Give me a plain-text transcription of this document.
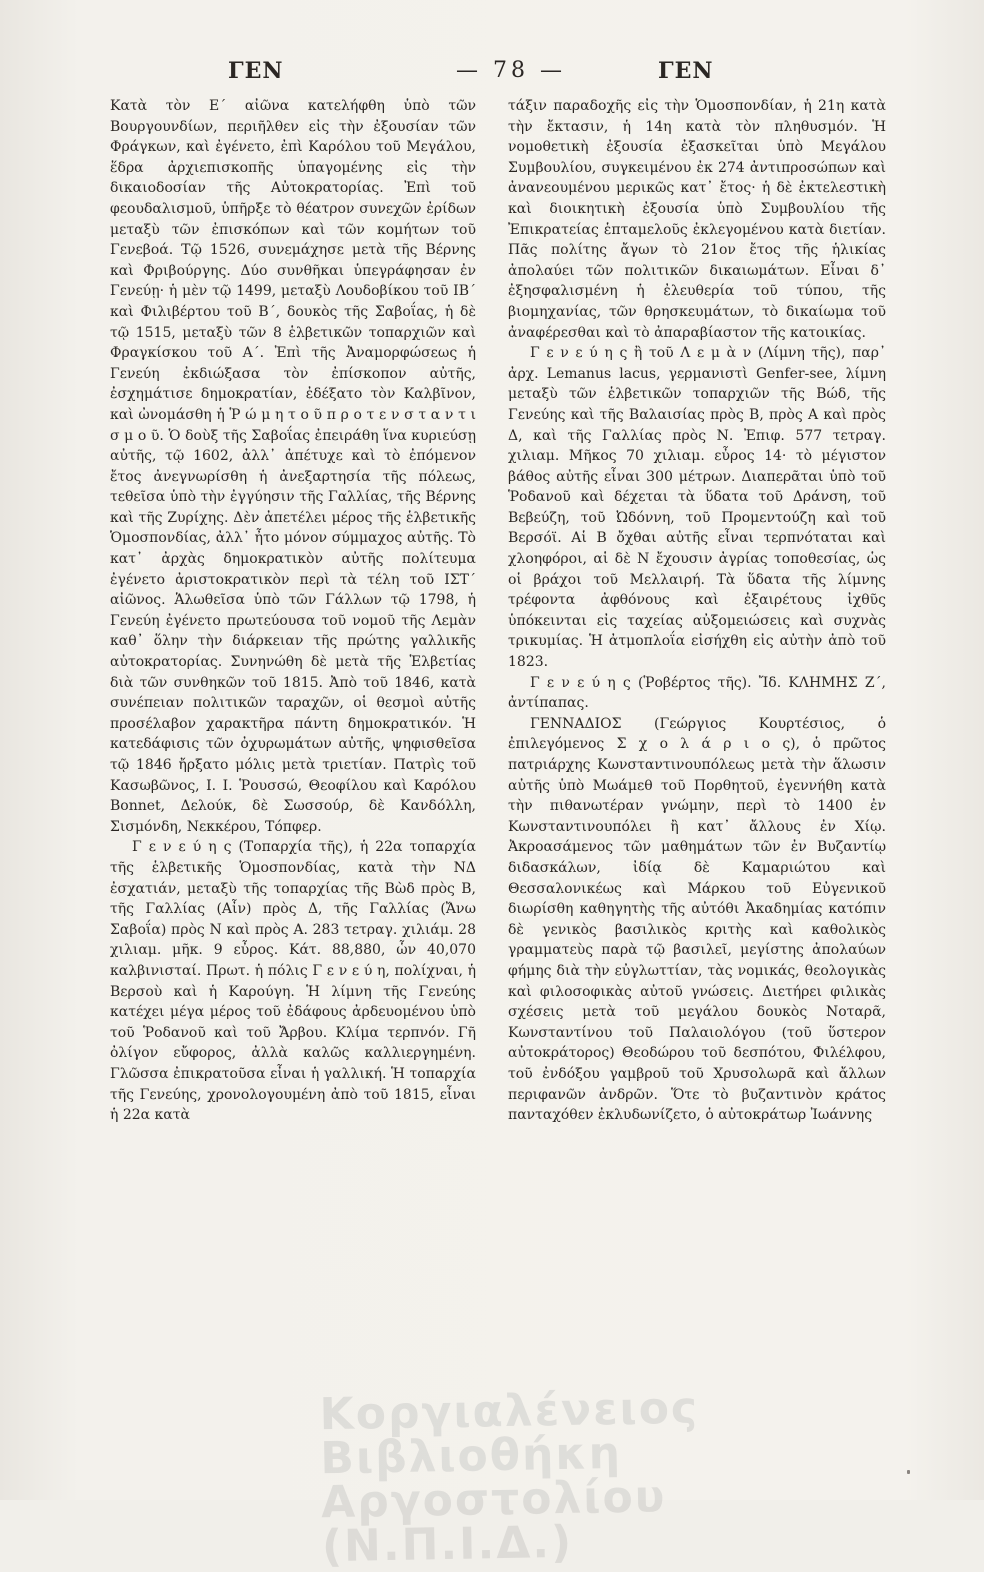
ΓΕΝ	— 78 —	ΓΕΝ

Κατὰ τὸν Ε΄ αἰῶνα κατελήφθη ὑπὸ τῶν Βουργουνδίων, περιῆλθεν εἰς τὴν ἐξουσίαν τῶν Φράγκων, καὶ ἐγένετο, ἐπὶ Καρόλου τοῦ Μεγάλου, ἕδρα ἀρχιεπισκοπῆς ὑπαγομένης εἰς τὴν δικαιοδοσίαν τῆς Αὐτοκρατορίας. Ἐπὶ τοῦ φεουδαλισμοῦ, ὑπῆρξε τὸ θέατρον συνεχῶν ἐρίδων μεταξὺ τῶν ἐπισκόπων καὶ τῶν κομήτων τοῦ Γενεβοά. Τῷ 1526, συνεμάχησε μετὰ τῆς Βέρνης καὶ Φριβούργης. Δύο συνθῆκαι ὑπεγράφησαν ἐν Γενεύῃ· ἡ μὲν τῷ 1499, μεταξὺ Λουδοβίκου τοῦ ΙΒ΄ καὶ Φιλιβέρτου τοῦ Β΄, δουκὸς τῆς Σαβοΐας, ἡ δὲ τῷ 1515, μεταξὺ τῶν 8 ἑλβετικῶν τοπαρχιῶν καὶ Φραγκίσκου τοῦ Α΄. Ἐπὶ τῆς Ἀναμορφώσεως ἡ Γενεύη ἐκδιώξασα τὸν ἐπίσκοπον αὐτῆς, ἐσχημάτισε δημοκρατίαν, ἐδέξατο τὸν Καλβῖνον, καὶ ὠνομάσθη ἡ Ῥ ώ μ η τ ο ῦ π ρ ο τ ε ν σ τ α ν τ ι σ μ ο ῦ. Ὁ δοὺξ τῆς Σαβοΐας ἐπειράθη ἵνα κυριεύσῃ αὐτῆς, τῷ 1602, ἀλλ᾽ ἀπέτυχε καὶ τὸ ἐπόμενον ἔτος ἀνεγνωρίσθη ἡ ἀνεξαρτησία τῆς πόλεως, τεθεῖσα ὑπὸ τὴν ἐγγύησιν τῆς Γαλλίας, τῆς Βέρνης καὶ τῆς Ζυρίχης. Δὲν ἀπετέλει μέρος τῆς ἑλβετικῆς Ὁμοσπονδίας, ἀλλ᾽ ἦτο μόνον σύμμαχος αὐτῆς. Τὸ κατ᾽ ἀρχὰς δημοκρατικὸν αὐτῆς πολίτευμα ἐγένετο ἀριστοκρατικὸν περὶ τὰ τέλη τοῦ ΙΣΤ΄ αἰῶνος. Ἁλωθεῖσα ὑπὸ τῶν Γάλλων τῷ 1798, ἡ Γενεύη ἐγένετο πρωτεύουσα τοῦ νομοῦ τῆς Λεμὰν καθ᾽ ὅλην τὴν διάρκειαν τῆς πρώτης γαλλικῆς αὐτοκρατορίας. Συνηνώθη δὲ μετὰ τῆς Ἑλβετίας διὰ τῶν συνθηκῶν τοῦ 1815. Ἀπὸ τοῦ 1846, κατὰ συνέπειαν πολιτικῶν ταραχῶν, οἱ θεσμοὶ αὐτῆς προσέλαβον χαρακτῆρα πάντη δημοκρατικόν. Ἡ κατεδάφισις τῶν ὀχυρωμάτων αὐτῆς, ψηφισθεῖσα τῷ 1846 ἤρξατο μόλις μετὰ τριετίαν. Πατρὶς τοῦ Κασωβῶνος, Ι. Ι. Ῥουσσώ, Θεοφίλου καὶ Καρόλου Bonnet, Δελούκ, δὲ Σωσσούρ, δὲ Κανδόλλη, Σισμόνδη, Νεκκέρου, Τόπφερ.

Γ ε ν ε ύ η ς (Τοπαρχία τῆς), ἡ 22α τοπαρχία τῆς ἑλβετικῆς Ὁμοσπονδίας, κατὰ τὴν ΝΔ ἐσχατιάν, μεταξὺ τῆς τοπαρχίας τῆς Βὼδ πρὸς Β, τῆς Γαλλίας (Αἶν) πρὸς Δ, τῆς Γαλλίας (Ἄνω Σαβοΐα) πρὸς Ν καὶ πρὸς Α. 283 τετραγ. χιλιάμ. 28 χιλιαμ. μῆκ. 9 εὖρος. Κάτ. 88,880, ὧν 40,070 καλβινισταί. Πρωτ. ἡ πόλις Γ ε ν ε ύ η, πολίχναι, ἡ Βερσοὺ καὶ ἡ Καρούγη. Ἡ λίμνη τῆς Γενεύης κατέχει μέγα μέρος τοῦ ἐδάφους ἀρδευομένου ὑπὸ τοῦ Ῥοδανοῦ καὶ τοῦ Ἄρβου. Κλίμα τερπνόν. Γῆ ὀλίγον εὔφορος, ἀλλὰ καλῶς καλλιεργημένη. Γλῶσσα ἐπικρατοῦσα εἶναι ἡ γαλλική. Ἡ τοπαρχία τῆς Γενεύης, χρονολογουμένη ἀπὸ τοῦ 1815, εἶναι ἡ 22α κατὰ

τάξιν παραδοχῆς εἰς τὴν Ὁμοσπονδίαν, ἡ 21η κατὰ τὴν ἔκτασιν, ἡ 14η κατὰ τὸν πληθυσμόν. Ἡ νομοθετικὴ ἐξουσία ἐξασκεῖται ὑπὸ Μεγάλου Συμβουλίου, συγκειμένου ἐκ 274 ἀντιπροσώπων καὶ ἀνανεουμένου μερικῶς κατ᾽ ἔτος· ἡ δὲ ἐκτελεστικὴ καὶ διοικητικὴ ἐξουσία ὑπὸ Συμβουλίου τῆς Ἐπικρατείας ἑπταμελοῦς ἐκλεγομένου κατὰ διετίαν. Πᾶς πολίτης ἄγων τὸ 21ον ἔτος τῆς ἡλικίας ἀπολαύει τῶν πολιτικῶν δικαιωμάτων. Εἶναι δ᾽ ἐξησφαλισμένη ἡ ἐλευθερία τοῦ τύπου, τῆς βιομηχανίας, τῶν θρησκευμάτων, τὸ δικαίωμα τοῦ ἀναφέρεσθαι καὶ τὸ ἀπαραβίαστον τῆς κατοικίας.

Γ ε ν ε ύ η ς ἢ τοῦ Λ ε μ ὰ ν (Λίμνη τῆς), παρ᾽ ἀρχ. Lemanus lacus, γερμανιστὶ Genfer-see, λίμνη μεταξὺ τῶν ἑλβετικῶν τοπαρχιῶν τῆς Βώδ, τῆς Γενεύης καὶ τῆς Βαλαισίας πρὸς Β, πρὸς Α καὶ πρὸς Δ, καὶ τῆς Γαλλίας πρὸς Ν. Ἐπιφ. 577 τετραγ. χιλιαμ. Μῆκος 70 χιλιαμ. εὖρος 14· τὸ μέγιστον βάθος αὐτῆς εἶναι 300 μέτρων. Διαπερᾶται ὑπὸ τοῦ Ῥοδανοῦ καὶ δέχεται τὰ ὕδατα τοῦ Δράνση, τοῦ Βεβεύζη, τοῦ Ὠδόννη, τοῦ Προμεντούζη καὶ τοῦ Βερσόϊ. Αἱ Β ὄχθαι αὐτῆς εἶναι τερπνόταται καὶ χλοηφόροι, αἱ δὲ Ν ἔχουσιν ἀγρίας τοποθεσίας, ὡς οἱ βράχοι τοῦ Μελλαιρή. Τὰ ὕδατα τῆς λίμνης τρέφοντα ἀφθόνους καὶ ἐξαιρέτους ἰχθῦς ὑπόκεινται εἰς ταχείας αὐξομειώσεις καὶ συχνὰς τρικυμίας. Ἡ ἀτμοπλοΐα εἰσήχθη εἰς αὐτὴν ἀπὸ τοῦ 1823.

Γ ε ν ε ύ η ς (Ῥοβέρτος τῆς). Ἴδ. ΚΛΗΜΗΣ Ζ΄, ἀντίπαπας.

ΓΕΝΝΑΔΙΟΣ (Γεώργιος Κουρτέσιος, ὁ ἐπιλεγόμενος Σ χ ο λ ά ρ ι ο ς), ὁ πρῶτος πατριάρχης Κωνσταντινουπόλεως μετὰ τὴν ἅλωσιν αὐτῆς ὑπὸ Μωάμεθ τοῦ Πορθητοῦ, ἐγεννήθη κατὰ τὴν πιθανωτέραν γνώμην, περὶ τὸ 1400 ἐν Κωνσταντινουπόλει ἢ κατ᾽ ἄλλους ἐν Χίῳ. Ἀκροασάμενος τῶν μαθημάτων τῶν ἐν Βυζαντίῳ διδασκάλων, ἰδίᾳ δὲ Καμαριώτου καὶ Θεσσαλονικέως καὶ Μάρκου τοῦ Εὐγενικοῦ διωρίσθη καθηγητὴς τῆς αὐτόθι Ἀκαδημίας κατόπιν δὲ γενικὸς βασιλικὸς κριτὴς καὶ καθολικὸς γραμματεὺς παρὰ τῷ βασιλεῖ, μεγίστης ἀπολαύων φήμης διὰ τὴν εὐγλωττίαν, τὰς νομικάς, θεολογικὰς καὶ φιλοσοφικὰς αὐτοῦ γνώσεις. Διετήρει φιλικὰς σχέσεις μετὰ τοῦ μεγάλου δουκὸς Νοταρᾶ, Κωνσταντίνου τοῦ Παλαιολόγου (τοῦ ὕστερον αὐτοκράτορος) Θεοδώρου τοῦ δεσπότου, Φιλέλφου, τοῦ ἐνδόξου γαμβροῦ τοῦ Χρυσολωρᾶ καὶ ἄλλων περιφανῶν ἀνδρῶν. Ὅτε τὸ βυζαντινὸν κράτος πανταχόθεν ἐκλυδωνίζετο, ὁ αὐτοκράτωρ Ἰωάννης

Κοργιαλένειος Βιβλιοθήκη
Αργοστολίου (Ν.Π.Ι.Δ.)
